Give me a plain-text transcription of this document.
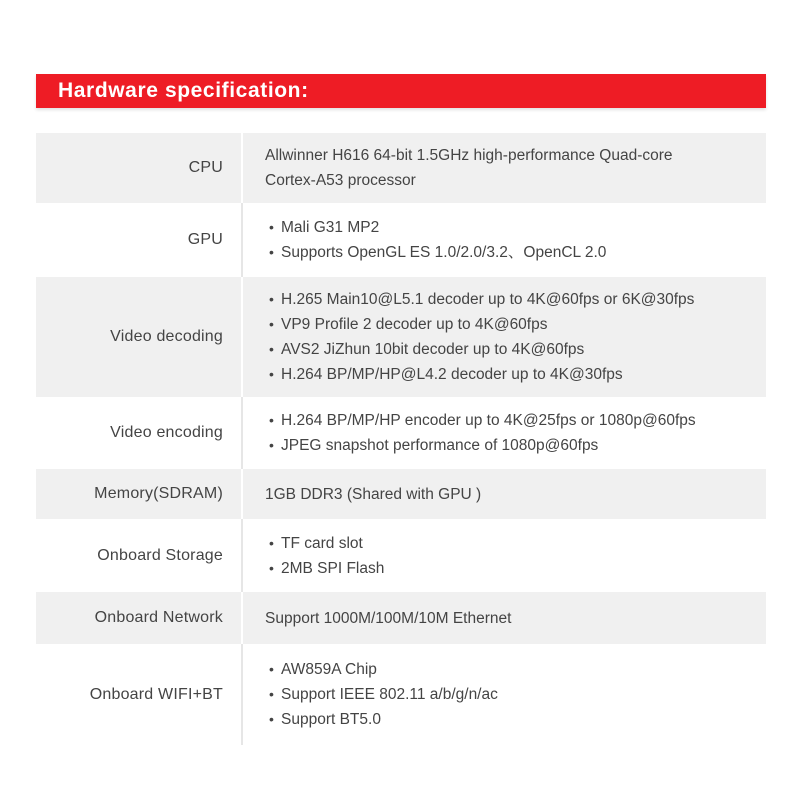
Hardware specification:
CPU
Allwinner H616 64-bit 1.5GHz high-performance Quad-core
Cortex-A53 processor
GPU
• Mali G31 MP2
• Supports OpenGL ES 1.0/2.0/3.2、OpenCL 2.0
Video decoding
• H.265 Main10@L5.1 decoder up to 4K@60fps or 6K@30fps
• VP9 Profile 2 decoder up to 4K@60fps
• AVS2 JiZhun 10bit decoder up to 4K@60fps
• H.264 BP/MP/HP@L4.2 decoder up to 4K@30fps
Video encoding
• H.264 BP/MP/HP encoder up to 4K@25fps or 1080p@60fps
• JPEG snapshot performance of 1080p@60fps
Memory(SDRAM)	1GB DDR3 (Shared with GPU )
Onboard Storage
• TF card slot
• 2MB SPI Flash
Onboard Network	Support 1000M/100M/10M Ethernet
Onboard WIFI+BT
• AW859A Chip
• Support IEEE 802.11 a/b/g/n/ac
• Support BT5.0
